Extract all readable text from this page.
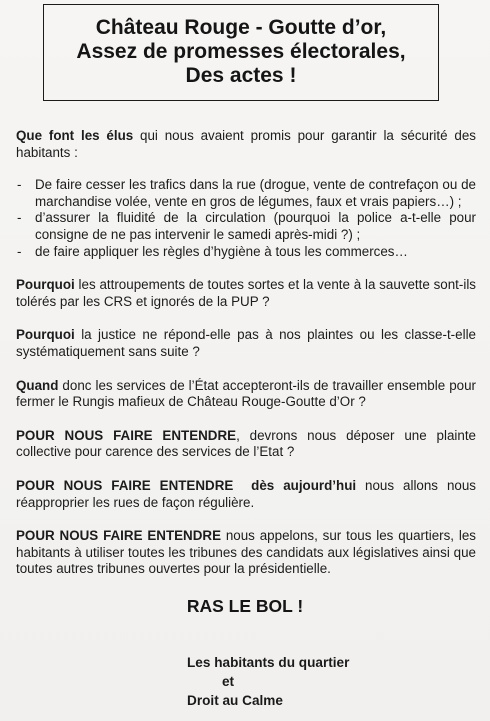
Château Rouge - Goutte d’or,
Assez de promesses électorales,
Des actes !

Que font les élus qui nous avaient promis pour garantir la sécurité des habitants :

- De faire cesser les trafics dans la rue (drogue, vente de contrefaçon ou de marchandise volée, vente en gros de légumes, faux et vrais papiers…) ;
- d’assurer la fluidité de la circulation (pourquoi la police a-t-elle pour consigne de ne pas intervenir le samedi après-midi ?) ;
- de faire appliquer les règles d’hygiène à tous les commerces…

Pourquoi les attroupements de toutes sortes et la vente à la sauvette sont-ils tolérés par les CRS et ignorés de la PUP ?

Pourquoi la justice ne répond-elle pas à nos plaintes ou les classe-t-elle systématiquement sans suite ?

Quand donc les services de l’État accepteront-ils de travailler ensemble pour fermer le Rungis mafieux de Château Rouge-Goutte d’Or ?

POUR NOUS FAIRE ENTENDRE, devrons nous déposer une plainte collective pour carence des services de l’Etat ?

POUR NOUS FAIRE ENTENDRE  dès aujourd’hui nous allons nous réapproprier les rues de façon régulière.

POUR NOUS FAIRE ENTENDRE nous appelons, sur tous les quartiers, les habitants à utiliser toutes les tribunes des candidats aux législatives ainsi que toutes autres tribunes ouvertes pour la présidentielle.

RAS LE BOL !
Les habitants du quartier
et
Droit au Calme
